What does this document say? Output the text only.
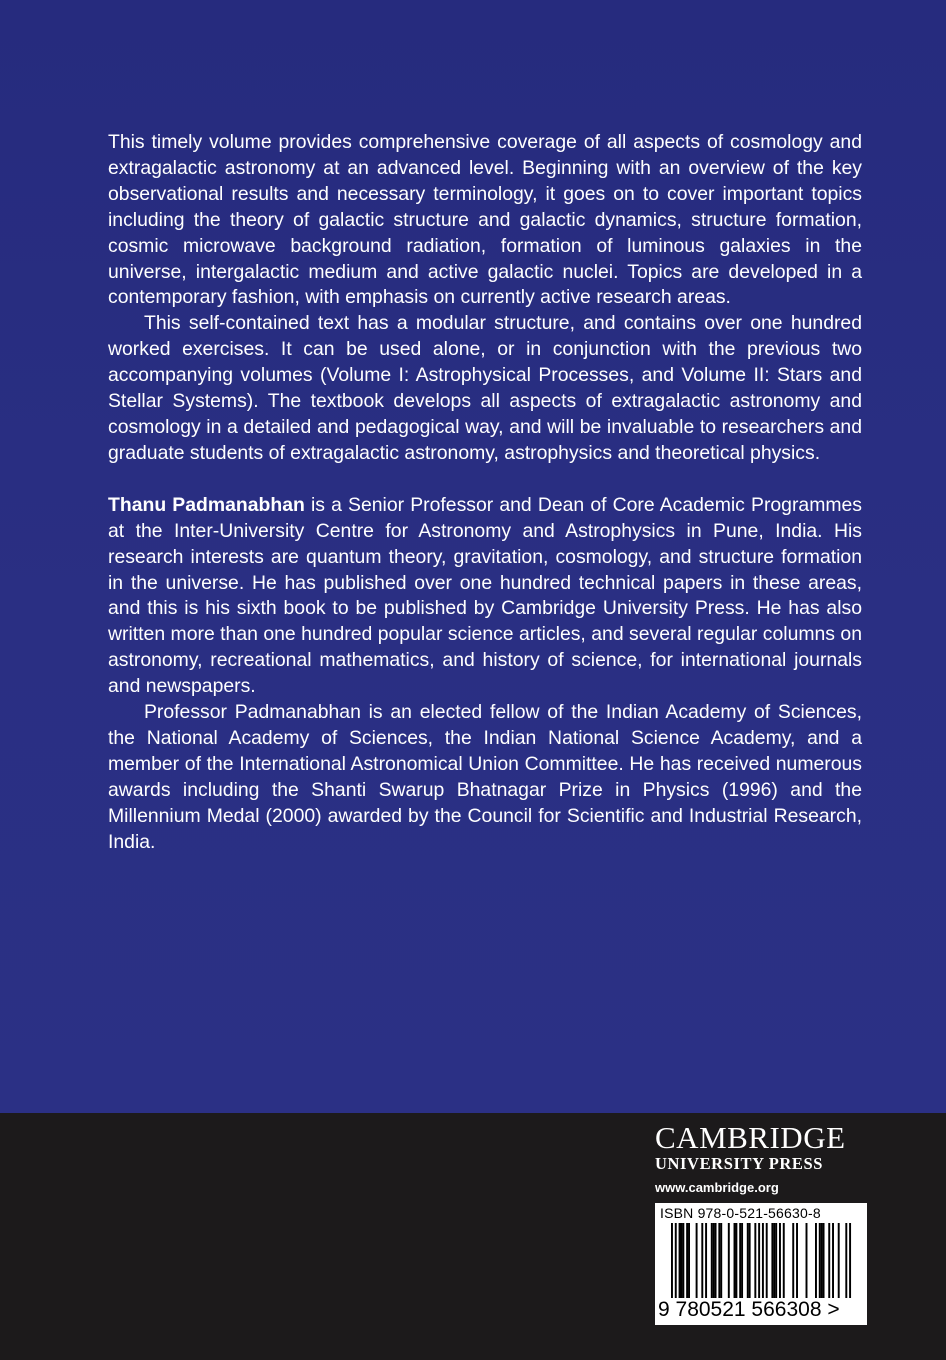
This timely volume provides comprehensive coverage of all aspects of cosmology and extragalactic astronomy at an advanced level. Beginning with an overview of the key observational results and necessary terminology, it goes on to cover important topics including the theory of galactic structure and galactic dynamics, structure formation, cosmic microwave background radiation, formation of luminous galaxies in the universe, intergalactic medium and active galactic nuclei. Topics are developed in a contemporary fashion, with emphasis on currently active research areas.

This self-contained text has a modular structure, and contains over one hundred worked exercises. It can be used alone, or in conjunction with the previous two accompanying volumes (Volume I: Astrophysical Processes, and Volume II: Stars and Stellar Systems). The textbook develops all aspects of extragalactic astronomy and cosmology in a detailed and pedagogical way, and will be invaluable to researchers and graduate students of extragalactic astronomy, astrophysics and theoretical physics.

Thanu Padmanabhan is a Senior Professor and Dean of Core Academic Programmes at the Inter-University Centre for Astronomy and Astrophysics in Pune, India. His research interests are quantum theory, gravitation, cosmology, and structure formation in the universe. He has published over one hundred technical papers in these areas, and this is his sixth book to be published by Cambridge University Press. He has also written more than one hundred popular science articles, and several regular columns on astronomy, recreational mathematics, and history of science, for international journals and newspapers.

Professor Padmanabhan is an elected fellow of the Indian Academy of Sciences, the National Academy of Sciences, the Indian National Science Academy, and a member of the International Astronomical Union Committee. He has received numerous awards including the Shanti Swarup Bhatnagar Prize in Physics (1996) and the Millennium Medal (2000) awarded by the Council for Scientific and Industrial Research, India.

CAMBRIDGE
UNIVERSITY PRESS
www.cambridge.org
ISBN 978-0-521-56630-8
9 780521 566308 >
